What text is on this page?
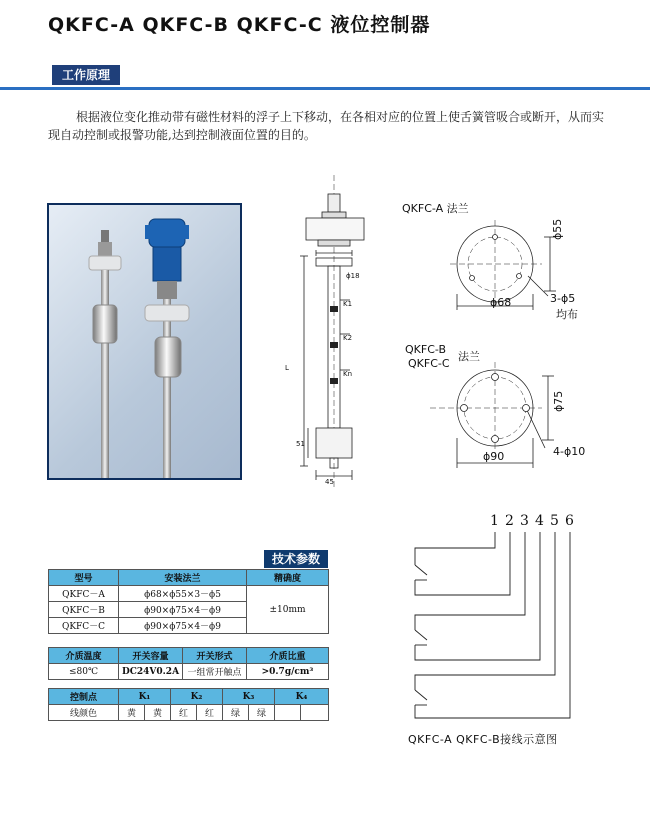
QKFC-A QKFC-B QKFC-C 液位控制器
工作原理

根据液位变化推动带有磁性材料的浮子上下移动，在各相对应的位置上使舌簧管吸合或断开，从而实现自动控制或报警功能,达到控制液面位置的目的。

ϕ18
K1
K2
Kn
L
51
45
QKFC-A 法兰
ϕ55
ϕ68	3-ϕ5
均布
QKFC-B
QKFC-C
法兰
ϕ75
ϕ90	4-ϕ10
1 2 3 4 5 6
QKFC-A QKFC-B接线示意图
技术参数
型号	安装法兰	精确度
QKFC－A	ϕ68×ϕ55×3－ϕ5	±10mm
QKFC－B	ϕ90×ϕ75×4－ϕ9	
QKFC－C	ϕ90×ϕ75×4－ϕ9	
介质温度	开关容量	开关形式	介质比重
≤80℃	DC24V0.2A	一组常开触点	>0.7g/cm³
控制点	K₁		K₂		K₃		K₄	
线颜色	黄	黄	红	红	绿	绿		
